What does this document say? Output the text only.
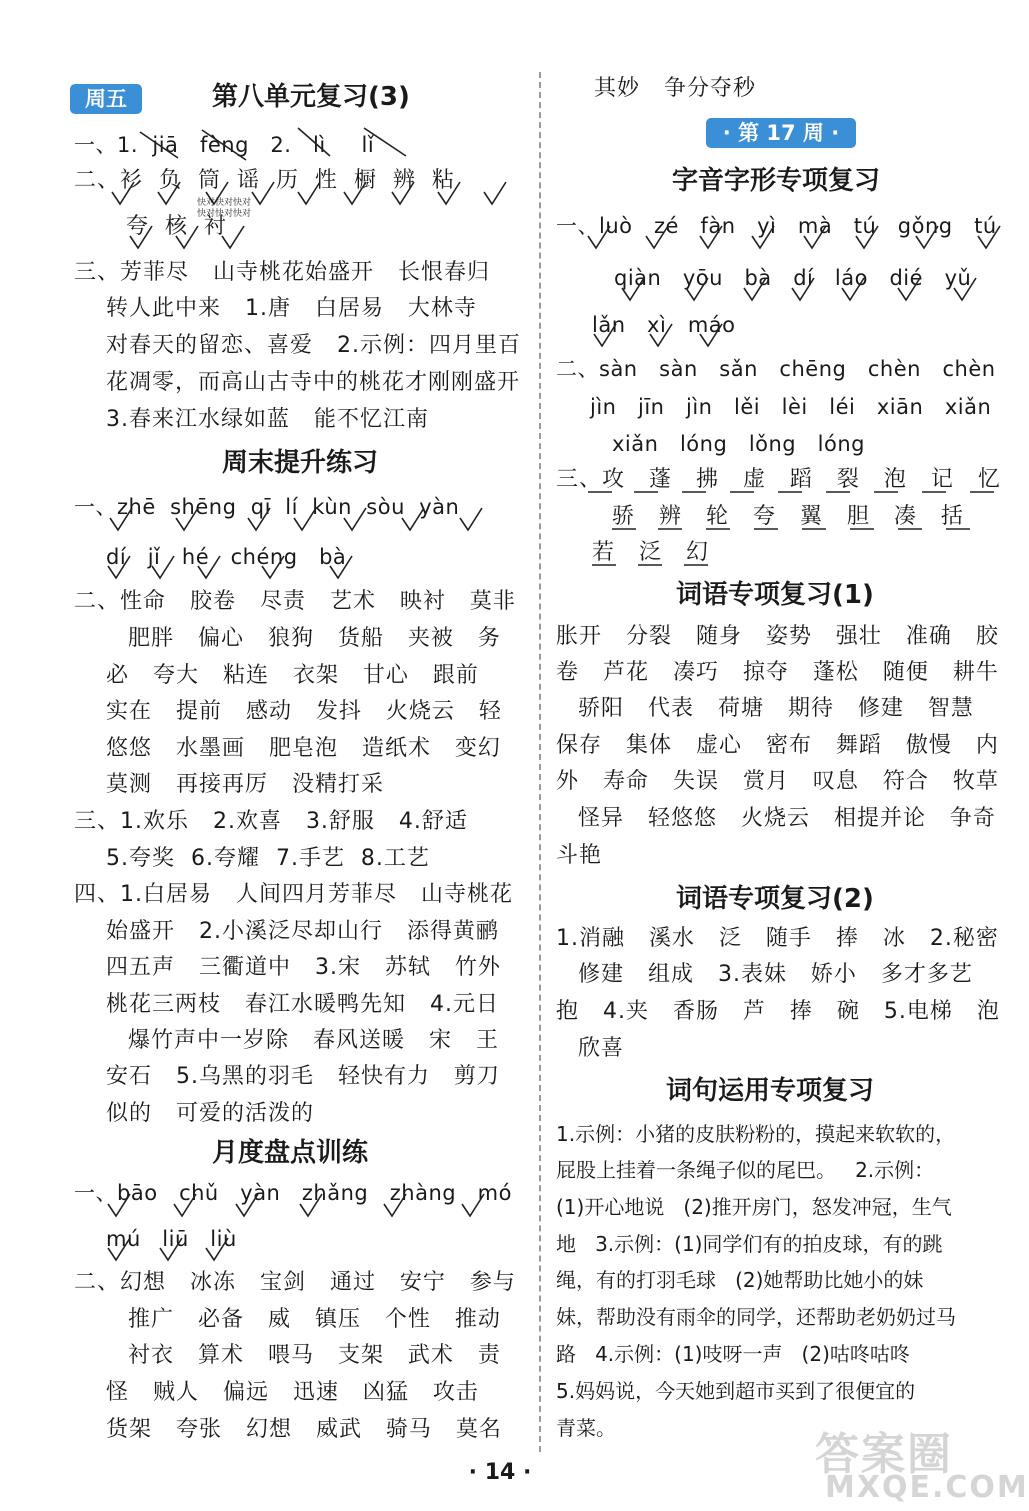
周五	第八单元复习(3)
一、1.  jiā   fèng   2.   lì     lǐ
二、衫  负  筒  谣  历  性  橱  辨  粘
快对快对快对
快对快对快对
夸  核  衬
三、芳菲尽   山寺桃花始盛开   长恨春归
转人此中来   1.唐   白居易   大林寺
对春天的留恋、喜爱   2.示例：四月里百
花凋零，而高山古寺中的桃花才刚刚盛开
3.春来江水绿如蓝   能不忆江南
周末提升练习
一、zhē  shēng  qī  lí  kùn  sòu  yàn
dí   jǐ   hé   chéng   bà
二、性命   胶卷   尽责   艺术   映衬   莫非
肥胖   偏心   狼狗   货船   夹被   务
必   夸大   粘连   衣架   甘心   跟前
实在   提前   感动   发抖   火烧云   轻
悠悠   水墨画   肥皂泡   造纸术   变幻
莫测   再接再厉   没精打采
三、1.欢乐   2.欢喜   3.舒服   4.舒适
5.夸奖  6.夸耀  7.手艺  8.工艺
四、1.白居易   人间四月芳菲尽   山寺桃花
始盛开   2.小溪泛尽却山行   添得黄鹂
四五声   三衢道中   3.宋   苏轼   竹外
桃花三两枝   春江水暖鸭先知   4.元日
爆竹声中一岁除   春风送暖   宋   王
安石   5.乌黑的羽毛   轻快有力   剪刀
似的   可爱的活泼的
月度盘点训练
一、bāo   chǔ   yàn   zhǎng   zhàng   mó
mú   liū   liù
二、幻想   冰冻   宝剑   通过   安宁   参与
推广   必备   威   镇压   个性   推动
衬衣   算术   喂马   支架   武术   责
怪   贼人   偏远   迅速   凶猛   攻击
货架   夸张   幻想   威武   骑马   莫名
其妙   争分夺秒
· 第 17 周 ·
字音字形专项复习
一、luò   zé   fàn   yì   mà   tú   gǒng   tú
qiàn   yōu   bà   dí   láo   dié   yǔ
lǎn   xì   máo
二、sàn   sàn   sǎn   chēng   chèn   chèn
jìn   jīn   jìn   lěi   lèi   léi   xiān   xiǎn
xiǎn   lóng   lǒng   lóng
三、攻   蓬   拂   虚   蹈   裂   泡   记   忆
骄   辨   轮   夸   翼   胆   凑   括
若   泛   幻
词语专项复习(1)
胀开   分裂   随身   姿势   强壮   准确   胶
卷   芦花   凑巧   掠夺   蓬松   随便   耕牛
骄阳   代表   荷塘   期待   修建   智慧
保存   集体   虚心   密布   舞蹈   傲慢   内
外   寿命   失误   赏月   叹息   符合   牧草
怪异   轻悠悠   火烧云   相提并论   争奇
斗艳
词语专项复习(2)
1.消融   溪水   泛   随手   捧   冰   2.秘密
修建   组成   3.表妹   娇小   多才多艺
抱   4.夹   香肠   芦   捧   碗   5.电梯   泡
欣喜
词句运用专项复习
1.示例：小猪的皮肤粉粉的，摸起来软软的，
屁股上挂着一条绳子似的尾巴。   2.示例：
(1)开心地说   (2)推开房门，怒发冲冠，生气
地   3.示例：(1)同学们有的拍皮球，有的跳
绳，有的打羽毛球   (2)她帮助比她小的妹
妹，帮助没有雨伞的同学，还帮助老奶奶过马
路   4.示例：(1)吱呀一声   (2)咕咚咕咚
5.妈妈说，今天她到超市买到了很便宜的
青菜。
答案圈
MXQE.COM
· 14 ·
